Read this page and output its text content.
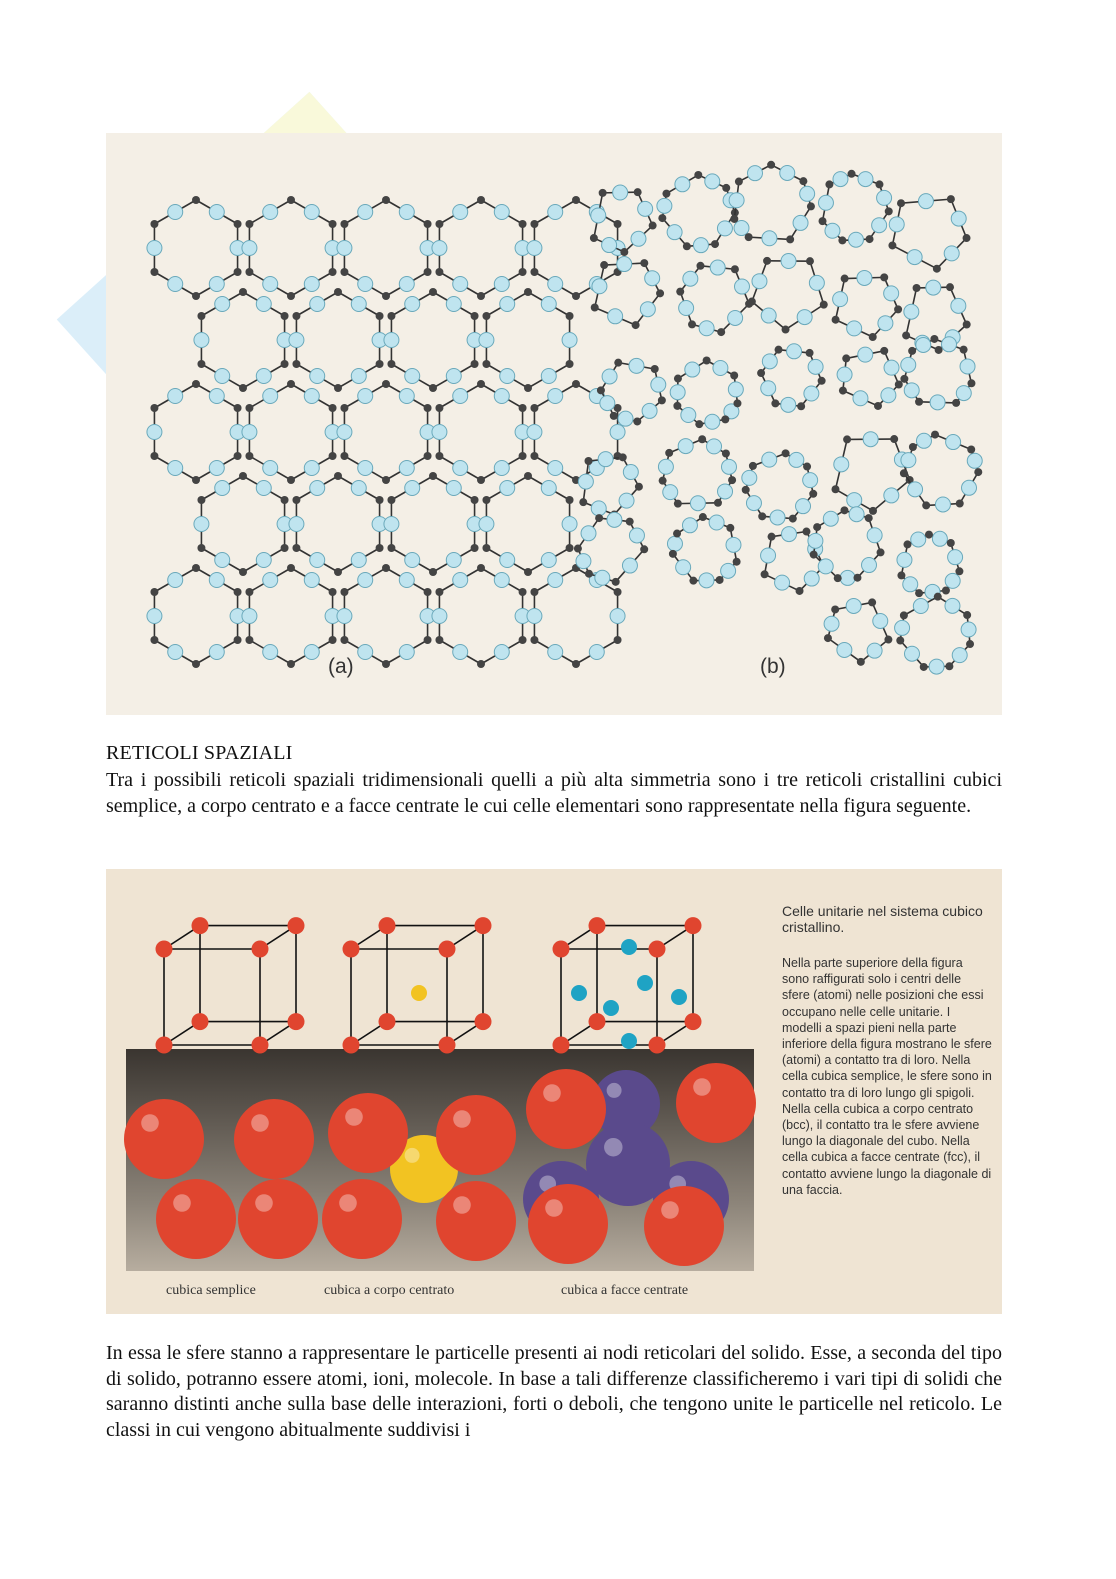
(a)	(b)
RETICOLI SPAZIALI
Tra i possibili reticoli spaziali tridimensionali quelli a più alta simmetria sono i tre reticoli cristallini cubici semplice, a corpo centrato e a facce centrate le cui celle elementari sono rappresentate nella figura seguente.
Celle unitarie nel sistema cubico cristallino.
Nella parte superiore della figura sono raffigurati solo i centri delle sfere (atomi) nelle posizioni che essi occupano nelle celle unitarie. I modelli a spazi pieni nella parte inferiore della figura mostrano le sfere (atomi) a contatto tra di loro. Nella cella cubica semplice, le sfere sono in contatto tra di loro lungo gli spigoli. Nella cella cubica a corpo centrato (bcc), il contatto tra le sfere avviene lungo la diagonale del cubo. Nella cella cubica a facce centrate (fcc), il contatto avviene lungo la diagonale di una faccia.
cubica semplice	cubica a corpo centrato	cubica a facce centrate
In essa le sfere stanno a rappresentare le particelle presenti ai nodi reticolari del solido. Esse, a seconda del tipo di solido, potranno essere atomi, ioni, molecole. In base a tali differenze classificheremo i vari tipi di solidi che saranno distinti anche sulla base delle interazioni, forti o deboli, che tengono unite le particelle nel reticolo. Le classi in cui vengono abitualmente suddivisi i
